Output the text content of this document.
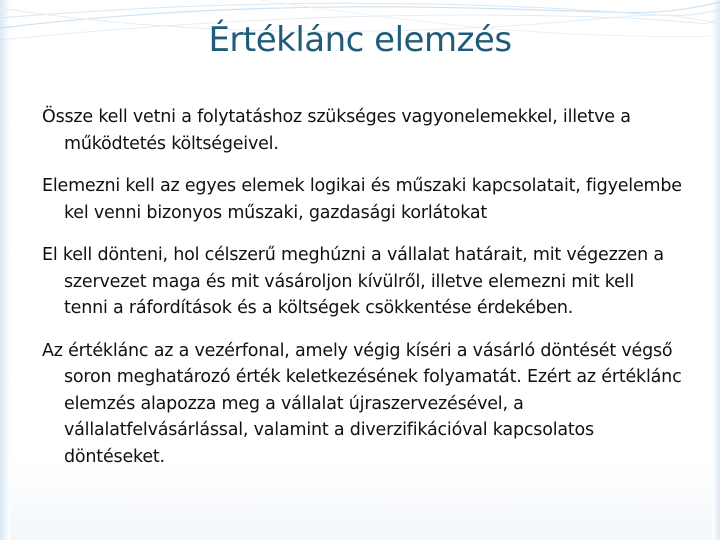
Értéklánc elemzés

Össze kell vetni a folytatáshoz szükséges vagyonelemekkel, illetve a működtetés költségeivel.

Elemezni kell az egyes elemek logikai és műszaki kapcsolatait, figyelembe kel venni bizonyos műszaki, gazdasági korlátokat

El kell dönteni, hol célszerű meghúzni a vállalat határait, mit végezzen a szervezet maga és mit vásároljon kívülről, illetve elemezni mit kell tenni a ráfordítások és a költségek csökkentése érdekében.

Az értéklánc az a vezérfonal, amely végig kíséri a vásárló döntését végső soron meghatározó érték keletkezésének folyamatát. Ezért az értéklánc elemzés alapozza meg a vállalat újraszervezésével, a vállalatfelvásárlással, valamint a diverzifikációval kapcsolatos döntéseket.
